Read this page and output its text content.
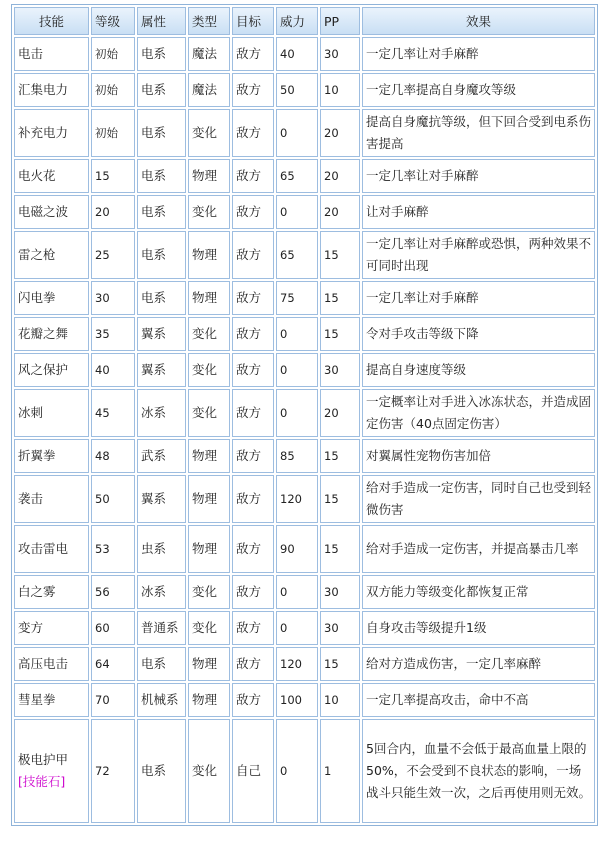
技能	等级	属性	类型	目标	威力	PP	效果
电击	初始	电系	魔法	敌方	40	30	一定几率让对手麻醉
汇集电力	初始	电系	魔法	敌方	50	10	一定几率提高自身魔攻等级
补充电力	初始	电系	变化	敌方	0	20	提高自身魔抗等级，但下回合受到电系伤害提高
电火花	15	电系	物理	敌方	65	20	一定几率让对手麻醉
电磁之波	20	电系	变化	敌方	0	20	让对手麻醉
雷之枪	25	电系	物理	敌方	65	15	一定几率让对手麻醉或恐惧，两种效果不可同时出现
闪电拳	30	电系	物理	敌方	75	15	一定几率让对手麻醉
花瓣之舞	35	翼系	变化	敌方	0	15	令对手攻击等级下降
风之保护	40	翼系	变化	敌方	0	30	提高自身速度等级
冰刺	45	冰系	变化	敌方	0	20	一定概率让对手进入冰冻状态，并造成固定伤害（40点固定伤害）
折翼拳	48	武系	物理	敌方	85	15	对翼属性宠物伤害加倍
袭击	50	翼系	物理	敌方	120	15	给对手造成一定伤害，同时自己也受到轻微伤害
攻击雷电	53	虫系	物理	敌方	90	15	给对手造成一定伤害，并提高暴击几率
白之雾	56	冰系	变化	敌方	0	30	双方能力等级变化都恢复正常
变方	60	普通系	变化	敌方	0	30	自身攻击等级提升1级
高压电击	64	电系	物理	敌方	120	15	给对方造成伤害，一定几率麻醉
彗星拳	70	机械系	物理	敌方	100	10	一定几率提高攻击，命中不高
极电护甲
[技能石]	72	电系	变化	自己	0	1	5回合内，血量不会低于最高血量上限的50%，不会受到不良状态的影响，一场战斗只能生效一次，之后再使用则无效。
